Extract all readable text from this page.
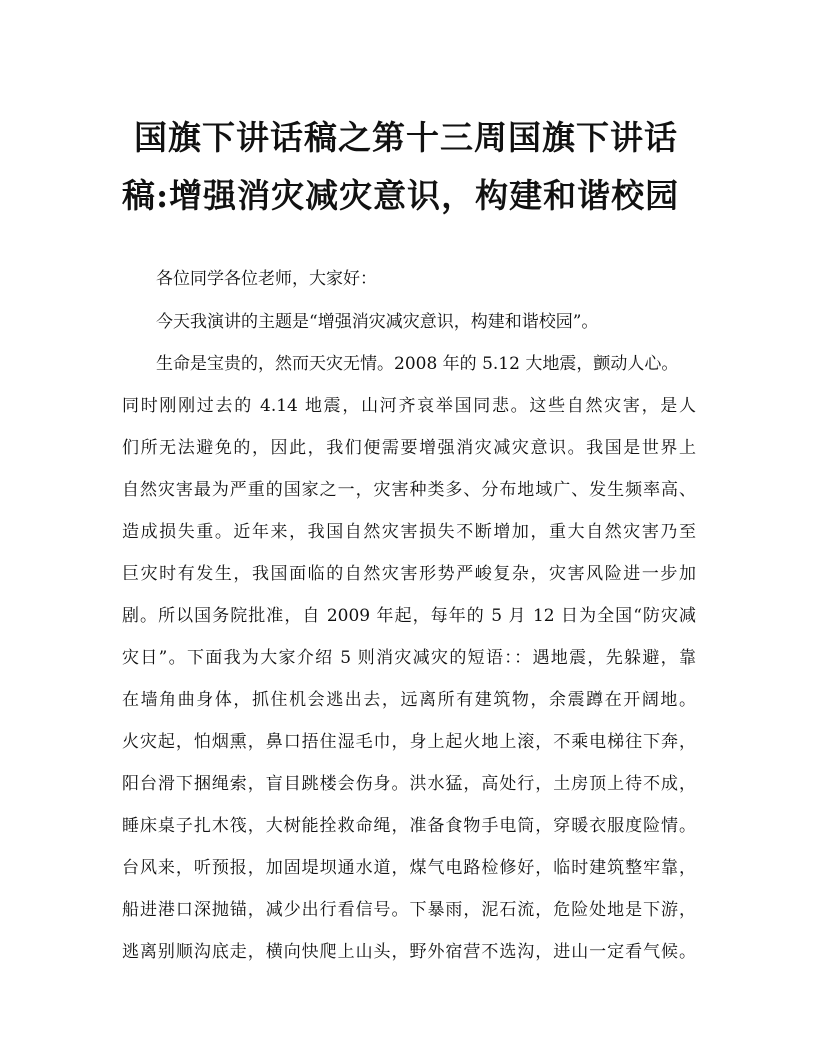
国旗下讲话稿之第十三周国旗下讲话
稿:增强消灾减灾意识，构建和谐校园
各位同学各位老师，大家好：
今天我演讲的主题是“增强消灾减灾意识，构建和谐校园”。
生命是宝贵的，然而天灾无情。2008 年的 5.12 大地震，颤动人心。
同时刚刚过去的 4.14 地震，山河齐哀举国同悲。这些自然灾害，是人
们所无法避免的，因此，我们便需要增强消灾减灾意识。我国是世界上
自然灾害最为严重的国家之一，灾害种类多、分布地域广、发生频率高、
造成损失重。近年来，我国自然灾害损失不断增加，重大自然灾害乃至
巨灾时有发生，我国面临的自然灾害形势严峻复杂，灾害风险进一步加
剧。所以国务院批准，自 2009 年起，每年的 5 月 12 日为全国“防灾减
灾日”。下面我为大家介绍 5 则消灾减灾的短语：：遇地震，先躲避，靠
在墙角曲身体，抓住机会逃出去，远离所有建筑物，余震蹲在开阔地。
火灾起，怕烟熏，鼻口捂住湿毛巾，身上起火地上滚，不乘电梯往下奔，
阳台滑下捆绳索，盲目跳楼会伤身。洪水猛，高处行，土房顶上待不成，
睡床桌子扎木筏，大树能拴救命绳，准备食物手电筒，穿暖衣服度险情。
台风来，听预报，加固堤坝通水道，煤气电路检修好，临时建筑整牢靠，
船进港口深抛锚，减少出行看信号。下暴雨，泥石流，危险处地是下游，
逃离别顺沟底走，横向快爬上山头，野外宿营不选沟，进山一定看气候。
